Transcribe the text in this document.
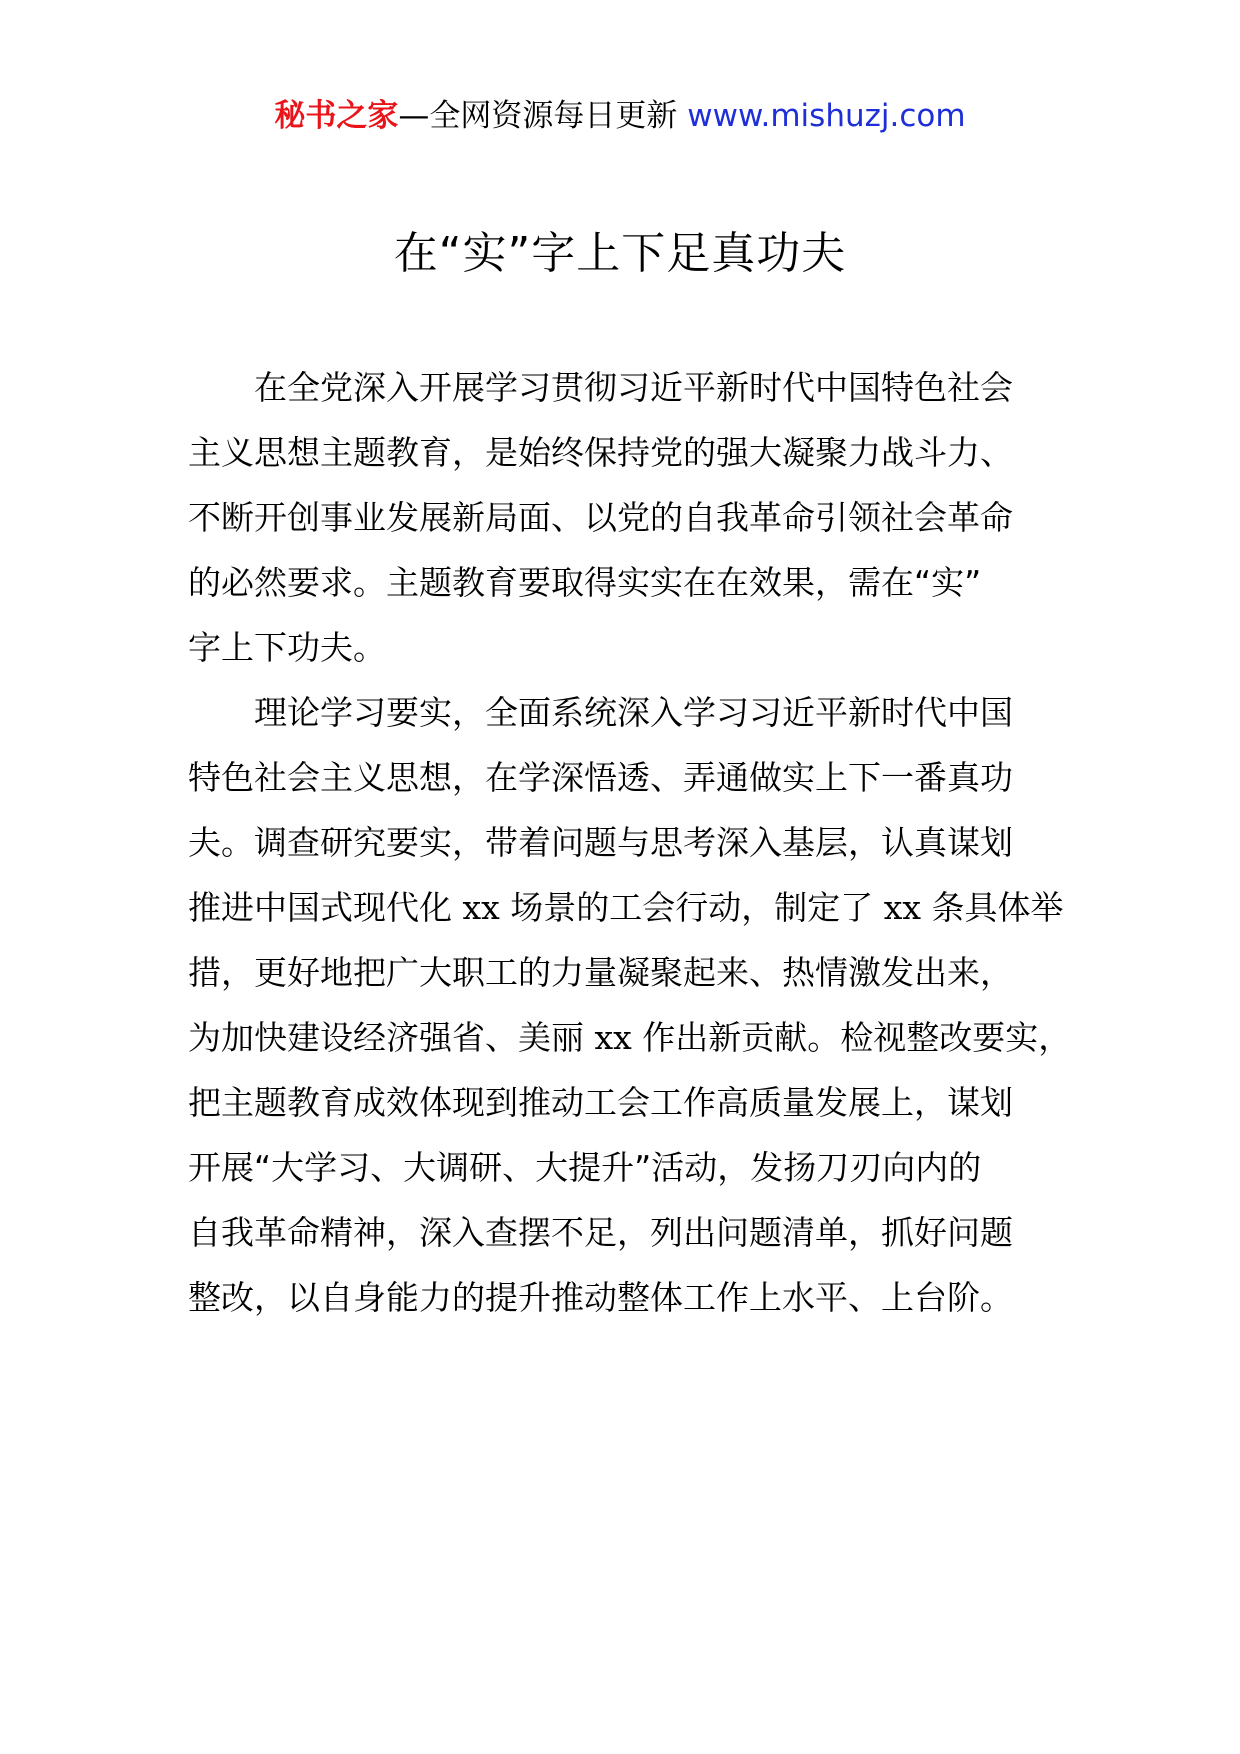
秘书之家—全网资源每日更新 www.mishuzj.com
在“实”字上下足真功夫
在全党深入开展学习贯彻习近平新时代中国特色社会
主义思想主题教育，是始终保持党的强大凝聚力战斗力、
不断开创事业发展新局面、以党的自我革命引领社会革命
的必然要求。主题教育要取得实实在在效果，需在“实”
字上下功夫。
理论学习要实，全面系统深入学习习近平新时代中国
特色社会主义思想，在学深悟透、弄通做实上下一番真功
夫。调查研究要实，带着问题与思考深入基层，认真谋划
推进中国式现代化 xx 场景的工会行动，制定了 xx 条具体举
措，更好地把广大职工的力量凝聚起来、热情激发出来，
为加快建设经济强省、美丽 xx 作出新贡献。检视整改要实，
把主题教育成效体现到推动工会工作高质量发展上，谋划
开展“大学习、大调研、大提升”活动，发扬刀刃向内的
自我革命精神，深入查摆不足，列出问题清单，抓好问题
整改，以自身能力的提升推动整体工作上水平、上台阶。
